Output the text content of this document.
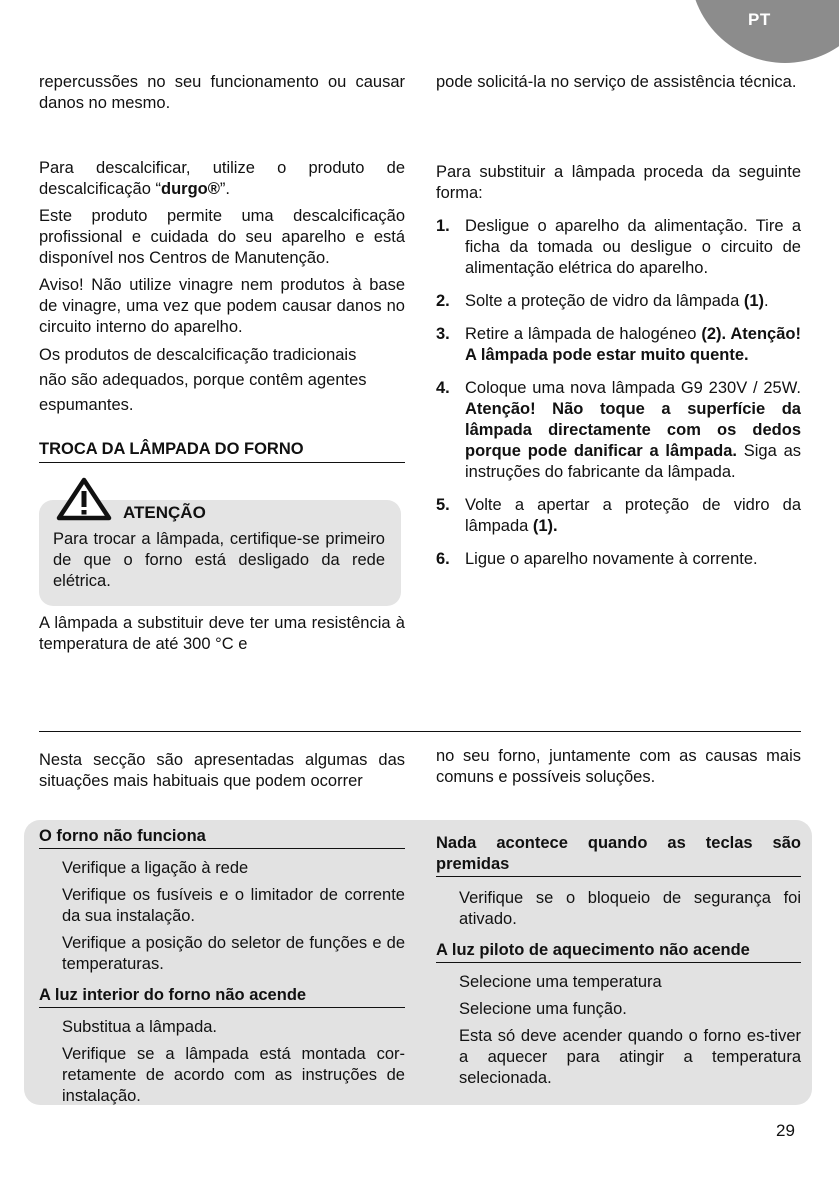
PT

repercussões no seu funcionamento ou causar danos no mesmo.

pode solicitá-la no serviço de assistência técnica.

Para descalcificar, utilize o produto de descalcificação “durgo®”.

Este produto permite uma descalcificação profissional e cuidada do seu aparelho e está disponível nos Centros de Manutenção.

Aviso! Não utilize vinagre nem produtos à base de vinagre, uma vez que podem causar danos no circuito interno do aparelho.

Os produtos de descalcificação tradicionais
não são adequados, porque contêm agentes
espumantes.

TROCA DA LÂMPADA DO FORNO
ATENÇÃO

Para trocar a lâmpada, certifique-se primeiro de que o forno está desligado da rede elétrica.

A lâmpada a substituir deve ter uma resistência à temperatura de até 300 °C e

Para substituir a lâmpada proceda da seguinte forma:

1. Desligue o aparelho da alimentação. Tire a ficha da tomada ou desligue o circuito de alimentação elétrica do aparelho.
2. Solte a proteção de vidro da lâmpada (1).
3. Retire a lâmpada de halogéneo (2). Atenção! A lâmpada pode estar muito quente.
4. Coloque uma nova lâmpada G9 230V / 25W. Atenção! Não toque a superfície da lâmpada directamente com os dedos porque pode danificar a lâmpada. Siga as instruções do fabricante da lâmpada.
5. Volte a apertar a proteção de vidro da lâmpada (1).
6. Ligue o aparelho novamente à corrente.

Nesta secção são apresentadas algumas das situações mais habituais que podem ocorrer

no seu forno, juntamente com as causas mais comuns e possíveis soluções.

O forno não funciona
Verifique a ligação à rede
Verifique os fusíveis e o limitador de corrente da sua instalação.
Verifique a posição do seletor de funções e de temperaturas.
A luz interior do forno não acende
Substitua a lâmpada.
Verifique se a lâmpada está montada cor-retamente de acordo com as instruções de instalação.
Nada acontece quando as teclas são premidas
Verifique se o bloqueio de segurança foi ativado.
A luz piloto de aquecimento não acende
Selecione uma temperatura
Selecione uma função.
Esta só deve acender quando o forno es-tiver a aquecer para atingir a temperatura selecionada.
29
